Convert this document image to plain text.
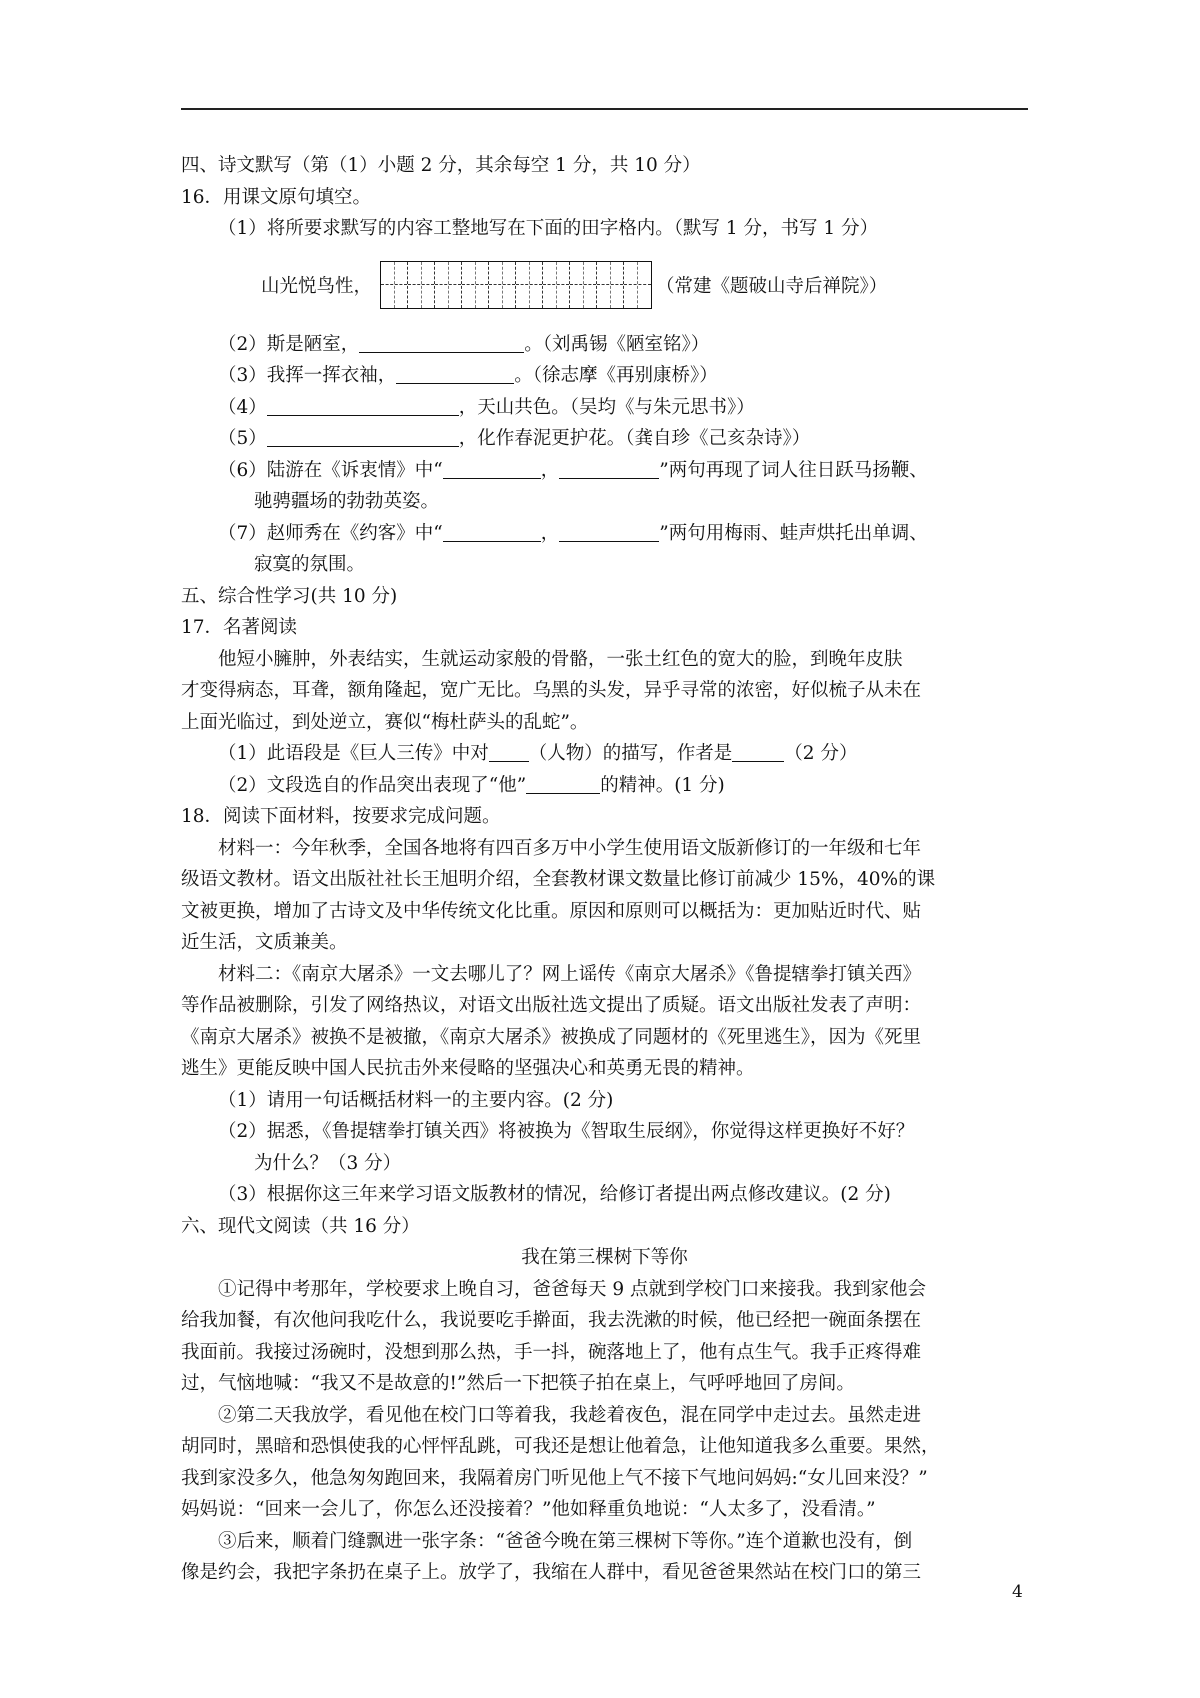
四、诗文默写（第（1）小题 2 分，其余每空 1 分，共 10 分）
16．用课文原句填空。
（1）将所要求默写的内容工整地写在下面的田字格内。（默写 1 分，书写 1 分）
山光悦鸟性，	（常建《题破山寺后禅院》）
（2）斯是陋室，	。（刘禹锡《陋室铭》）
（3）我挥一挥衣袖，	。（徐志摩《再别康桥》）
（4）	，天山共色。（吴均《与朱元思书》）
（5）	，化作春泥更护花。（龚自珍《己亥杂诗》）
（6）陆游在《诉衷情》中“	，	”两句再现了词人往日跃马扬鞭、
驰骋疆场的勃勃英姿。
（7）赵师秀在《约客》中“	，	”两句用梅雨、蛙声烘托出单调、
寂寞的氛围。
五、综合性学习(共 10 分)
17．名著阅读
他短小臃肿，外表结实，生就运动家般的骨骼，一张土红色的宽大的脸，到晚年皮肤
才变得病态，耳聋，额角隆起，宽广无比。乌黑的头发，异乎寻常的浓密，好似梳子从未在
上面光临过，到处逆立，赛似“梅杜萨头的乱蛇”。
（1）此语段是《巨人三传》中对 （人物）的描写，作者是	（2 分）
（2）文段选自的作品突出表现了“他”	的精神。(1 分)
18．阅读下面材料，按要求完成问题。
材料一：今年秋季，全国各地将有四百多万中小学生使用语文版新修订的一年级和七年
级语文教材。语文出版社社长王旭明介绍，全套教材课文数量比修订前减少 15%，40%的课
文被更换，增加了古诗文及中华传统文化比重。原因和原则可以概括为：更加贴近时代、贴
近生活，文质兼美。
材料二：《南京大屠杀》一文去哪儿了？网上谣传《南京大屠杀》《鲁提辖拳打镇关西》
等作品被删除，引发了网络热议，对语文出版社选文提出了质疑。语文出版社发表了声明：
《南京大屠杀》被换不是被撤，《南京大屠杀》被换成了同题材的《死里逃生》，因为《死里
逃生》更能反映中国人民抗击外来侵略的坚强决心和英勇无畏的精神。
（1）请用一句话概括材料一的主要内容。(2 分)
（2）据悉，《鲁提辖拳打镇关西》将被换为《智取生辰纲》，你觉得这样更换好不好？
为什么？（3 分）
（3）根据你这三年来学习语文版教材的情况，给修订者提出两点修改建议。(2 分)
六、现代文阅读（共 16 分）
我在第三棵树下等你
①记得中考那年，学校要求上晚自习，爸爸每天 9 点就到学校门口来接我。我到家他会
给我加餐，有次他问我吃什么，我说要吃手擀面，我去洗漱的时候，他已经把一碗面条摆在
我面前。我接过汤碗时，没想到那么热，手一抖，碗落地上了，他有点生气。我手正疼得难
过，气恼地喊：“我又不是故意的!”然后一下把筷子拍在桌上，气呼呼地回了房间。
②第二天我放学，看见他在校门口等着我，我趁着夜色，混在同学中走过去。虽然走进
胡同时，黑暗和恐惧使我的心怦怦乱跳，可我还是想让他着急，让他知道我多么重要。果然，
我到家没多久，他急匆匆跑回来，我隔着房门听见他上气不接下气地问妈妈:“女儿回来没？”
妈妈说：“回来一会儿了，你怎么还没接着？”他如释重负地说：“人太多了，没看清。”
③后来，顺着门缝飘进一张字条：“爸爸今晚在第三棵树下等你。”连个道歉也没有，倒
像是约会，我把字条扔在桌子上。放学了，我缩在人群中，看见爸爸果然站在校门口的第三
4
